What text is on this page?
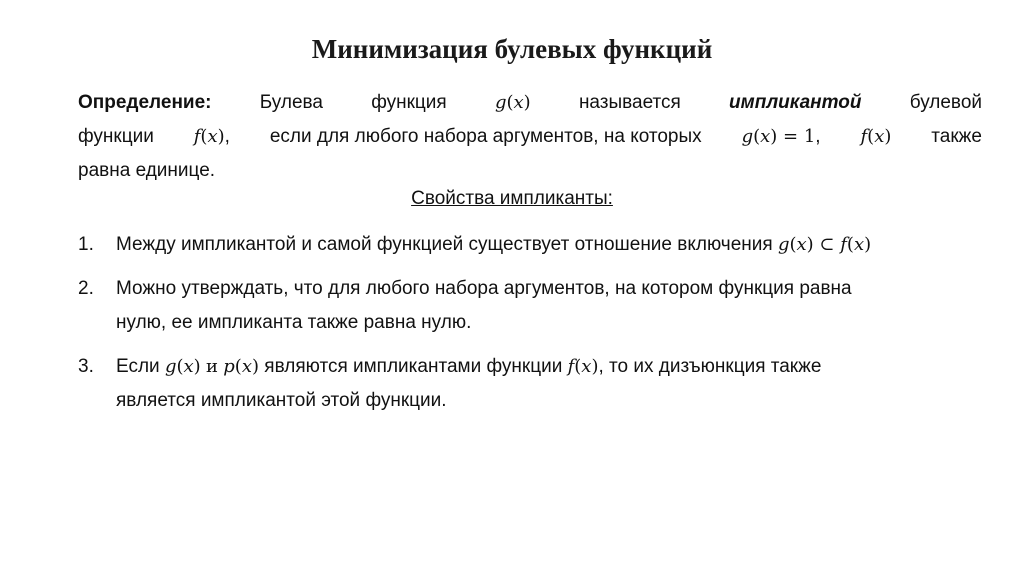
Минимизация булевых функций
Определение:	Булева	функция	g(x)	называется	импликантой	булевой
функции f(x), если для любого набора аргументов, на которых g(x) = 1, f(x) также
равна единице.
Свойства импликанты:
1. Между импликантой и самой функцией существует отношение включения g(x) ⊂ f(x)
2. Можно утверждать, что для любого набора аргументов, на котором функция равна
нулю, ее импликанта также равна нулю.
3. Если g(x) и p(x) являются импликантами функции f(x), то их дизъюнкция также
является импликантой этой функции.
